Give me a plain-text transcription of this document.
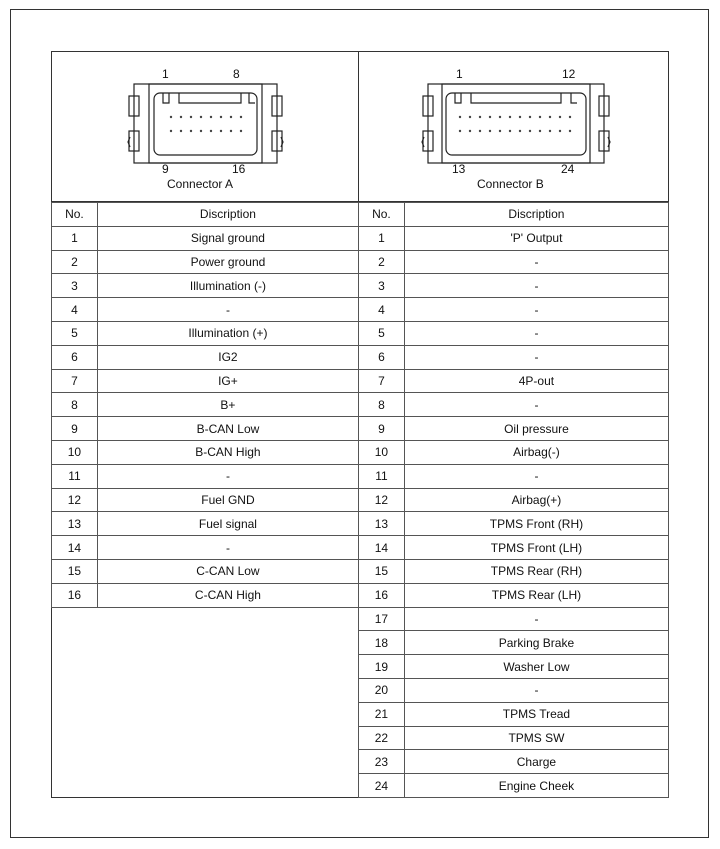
1	8
9	16
Connector A
1	12
13	24
Connector B
No.	Discription
1	Signal ground
2	Power ground
3	Illumination (-)
4	-
5	Illumination (+)
6	IG2
7	IG+
8	B+
9	B-CAN Low
10	B-CAN High
11	-
12	Fuel GND
13	Fuel signal
14	-
15	C-CAN Low
16	C-CAN High
No.	Discription
1	'P' Output
2	-
3	-
4	-
5	-
6	-
7	4P-out
8	-
9	Oil pressure
10	Airbag(-)
11	-
12	Airbag(+)
13	TPMS Front (RH)
14	TPMS Front (LH)
15	TPMS Rear (RH)
16	TPMS Rear (LH)
17	-
18	Parking Brake
19	Washer Low
20	-
21	TPMS Tread
22	TPMS SW
23	Charge
24	Engine Cheek
